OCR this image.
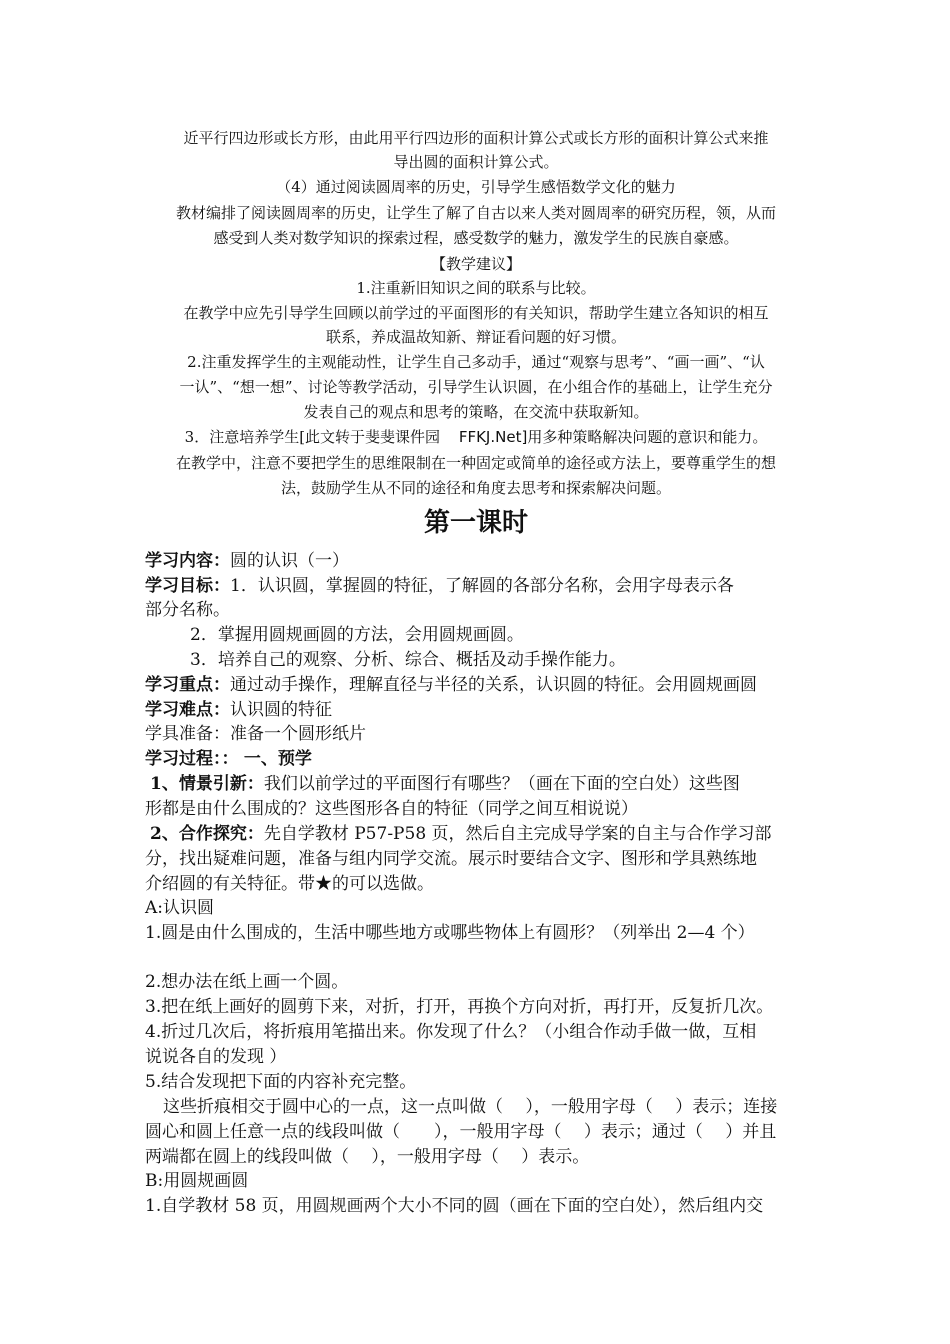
近平行四边形或长方形，由此用平行四边形的面积计算公式或长方形的面积计算公式来推
导出圆的面积计算公式。
（4）通过阅读圆周率的历史，引导学生感悟数学文化的魅力
教材编排了阅读圆周率的历史，让学生了解了自古以来人类对圆周率的研究历程，领，从而
感受到人类对数学知识的探索过程，感受数学的魅力，激发学生的民族自豪感。
【教学建议】
1.注重新旧知识之间的联系与比较。
在教学中应先引导学生回顾以前学过的平面图形的有关知识，帮助学生建立各知识的相互
联系，养成温故知新、辩证看问题的好习惯。
2.注重发挥学生的主观能动性，让学生自己多动手，通过“观察与思考”、“画一画”、“认
一认”、“想一想”、讨论等教学活动，引导学生认识圆，在小组合作的基础上，让学生充分
发表自己的观点和思考的策略，在交流中获取新知。
3．注意培养学生[此文转于斐斐课件园 FFKJ.Net]用多种策略解决问题的意识和能力。
在教学中，注意不要把学生的思维限制在一种固定或简单的途径或方法上，要尊重学生的想
法，鼓励学生从不同的途径和角度去思考和探索解决问题。
第一课时
学习内容：圆的认识（一）
学习目标：1．认识圆，掌握圆的特征，了解圆的各部分名称，会用字母表示各
部分名称。
2．掌握用圆规画圆的方法，会用圆规画圆。
3．培养自己的观察、分析、综合、概括及动手操作能力。
学习重点：通过动手操作，理解直径与半径的关系，认识圆的特征。会用圆规画圆
学习难点：认识圆的特征
学具准备：准备一个圆形纸片
学习过程：： 一、预学
1、情景引新：我们以前学过的平面图行有哪些？（画在下面的空白处）这些图
形都是由什么围成的？这些图形各自的特征（同学之间互相说说）
2、合作探究：先自学教材 P57-P58 页，然后自主完成导学案的自主与合作学习部
分，找出疑难问题，准备与组内同学交流。展示时要结合文字、图形和学具熟练地
介绍圆的有关特征。带★的可以选做。
A:认识圆
1.圆是由什么围成的，生活中哪些地方或哪些物体上有圆形？（列举出 2—4 个）
2.想办法在纸上画一个圆。
3.把在纸上画好的圆剪下来，对折，打开，再换个方向对折，再打开，反复折几次。
4.折过几次后，将折痕用笔描出来。你发现了什么？（小组合作动手做一做，互相
说说各自的发现 ）
5.结合发现把下面的内容补充完整。
这些折痕相交于圆中心的一点，这一点叫做（　 ），一般用字母（　 ）表示；连接
圆心和圆上任意一点的线段叫做（　　），一般用字母（　 ）表示；通过（　 ）并且
两端都在圆上的线段叫做（　 ），一般用字母（　 ）表示。
B:用圆规画圆
1.自学教材 58 页，用圆规画两个大小不同的圆（画在下面的空白处），然后组内交
